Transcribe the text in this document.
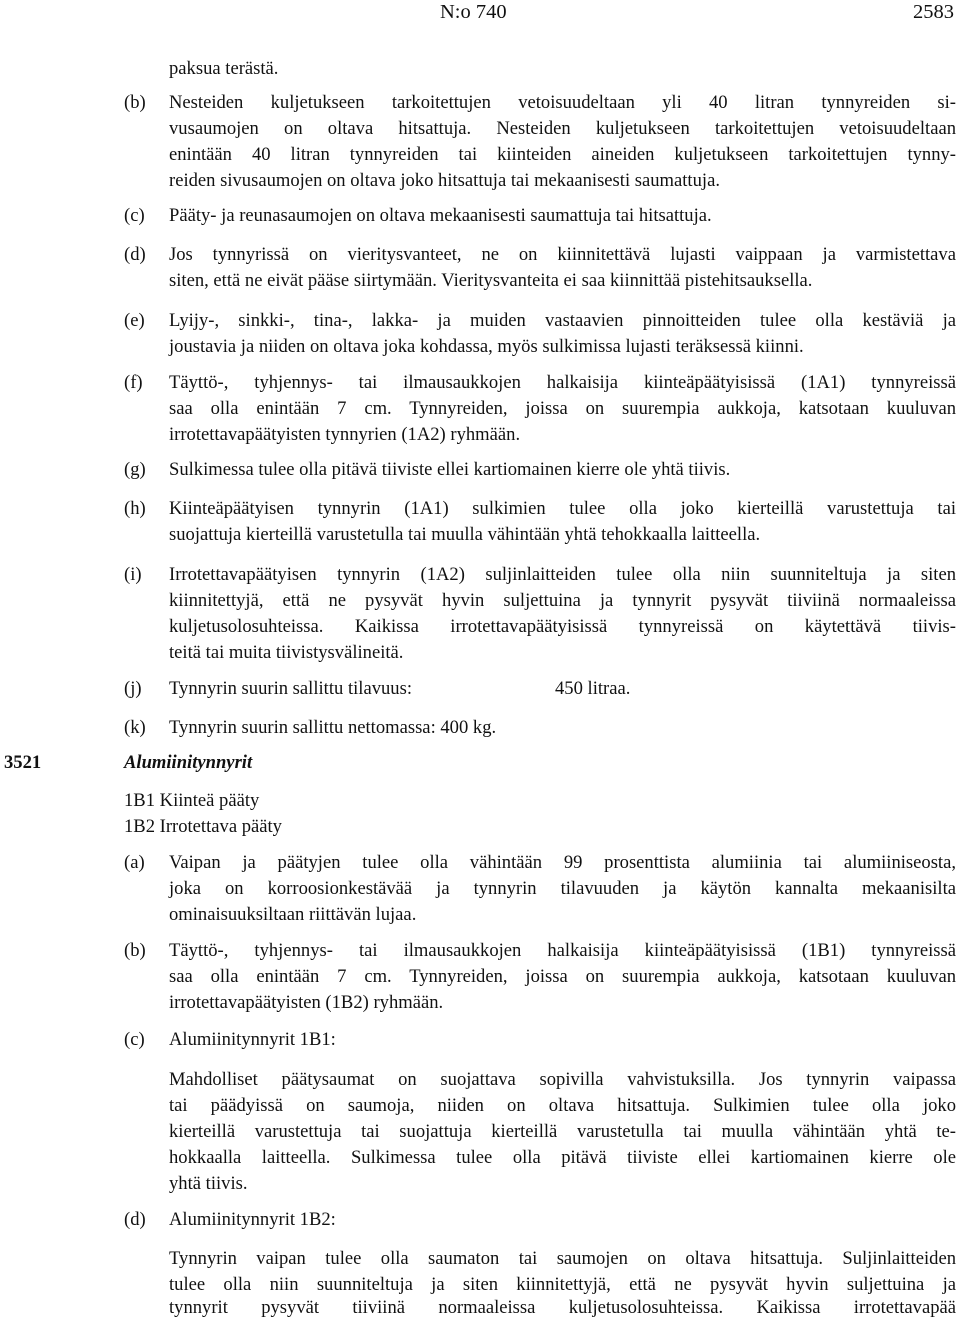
N:o 740	2583
paksua terästä.
(b) Nesteiden kuljetukseen tarkoitettujen vetoisuudeltaan yli 40 litran tynnyreiden si-
vusaumojen on oltava hitsattuja. Nesteiden kuljetukseen tarkoitettujen vetoisuudeltaan
enintään 40 litran tynnyreiden tai kiinteiden aineiden kuljetukseen tarkoitettujen tynny-
reiden sivusaumojen on oltava joko hitsattuja tai mekaanisesti saumattuja.
(c) Pääty- ja reunasaumojen on oltava mekaanisesti saumattuja tai hitsattuja.
(d) Jos tynnyrissä on vieritysvanteet, ne on kiinnitettävä lujasti vaippaan ja varmistettava
siten, että ne eivät pääse siirtymään. Vieritysvanteita ei saa kiinnittää pistehitsauksella.
(e) Lyijy-, sinkki-, tina-, lakka- ja muiden vastaavien pinnoitteiden tulee olla kestäviä ja
joustavia ja niiden on oltava joka kohdassa, myös sulkimissa lujasti teräksessä kiinni.
(f) Täyttö-, tyhjennys- tai ilmausaukkojen halkaisija kiinteäpäätyisissä (1A1) tynnyreissä
saa olla enintään 7 cm. Tynnyreiden, joissa on suurempia aukkoja, katsotaan kuuluvan
irrotettavapäätyisten tynnyrien (1A2) ryhmään.
(g) Sulkimessa tulee olla pitävä tiiviste ellei kartiomainen kierre ole yhtä tiivis.
(h) Kiinteäpäätyisen tynnyrin (1A1) sulkimien tulee olla joko kierteillä varustettuja tai
suojattuja kierteillä varustetulla tai muulla vähintään yhtä tehokkaalla laitteella.
(i) Irrotettavapäätyisen tynnyrin (1A2) suljinlaitteiden tulee olla niin suunniteltuja ja siten
kiinnitettyjä, että ne pysyvät hyvin suljettuina ja tynnyrit pysyvät tiiviinä normaaleissa
kuljetusolosuhteissa. Kaikissa irrotettavapäätyisissä tynnyreissä on käytettävä tiivis-
teitä tai muita tiivistysvälineitä.
(j) Tynnyrin suurin sallittu tilavuus:	450 litraa.
(k) Tynnyrin suurin sallittu nettomassa: 400 kg.
3521	Alumiinitynnyrit
1B1 Kiinteä pääty
1B2 Irrotettava pääty
(a) Vaipan ja päätyjen tulee olla vähintään 99 prosenttista alumiinia tai alumiiniseosta,
joka on korroosionkestävää ja tynnyrin tilavuuden ja käytön kannalta mekaanisilta
ominaisuuksiltaan riittävän lujaa.
(b) Täyttö-, tyhjennys- tai ilmausaukkojen halkaisija kiinteäpäätyisissä (1B1) tynnyreissä
saa olla enintään 7 cm. Tynnyreiden, joissa on suurempia aukkoja, katsotaan kuuluvan
irrotettavapäätyisten (1B2) ryhmään.
(c) Alumiinitynnyrit 1B1:
Mahdolliset päätysaumat on suojattava sopivilla vahvistuksilla. Jos tynnyrin vaipassa
tai päädyissä on saumoja, niiden on oltava hitsattuja. Sulkimien tulee olla joko
kierteillä varustettuja tai suojattuja kierteillä varustetulla tai muulla vähintään yhtä te-
hokkaalla laitteella. Sulkimessa tulee olla pitävä tiiviste ellei kartiomainen kierre ole
yhtä tiivis.
(d) Alumiinitynnyrit 1B2:
Tynnyrin vaipan tulee olla saumaton tai saumojen on oltava hitsattuja. Suljinlaitteiden
tulee olla niin suunniteltuja ja siten kiinnitettyjä, että ne pysyvät hyvin suljettuina ja
tynnyrit pysyvät tiiviinä normaaleissa kuljetusolosuhteissa. Kaikissa irrotettavapää
